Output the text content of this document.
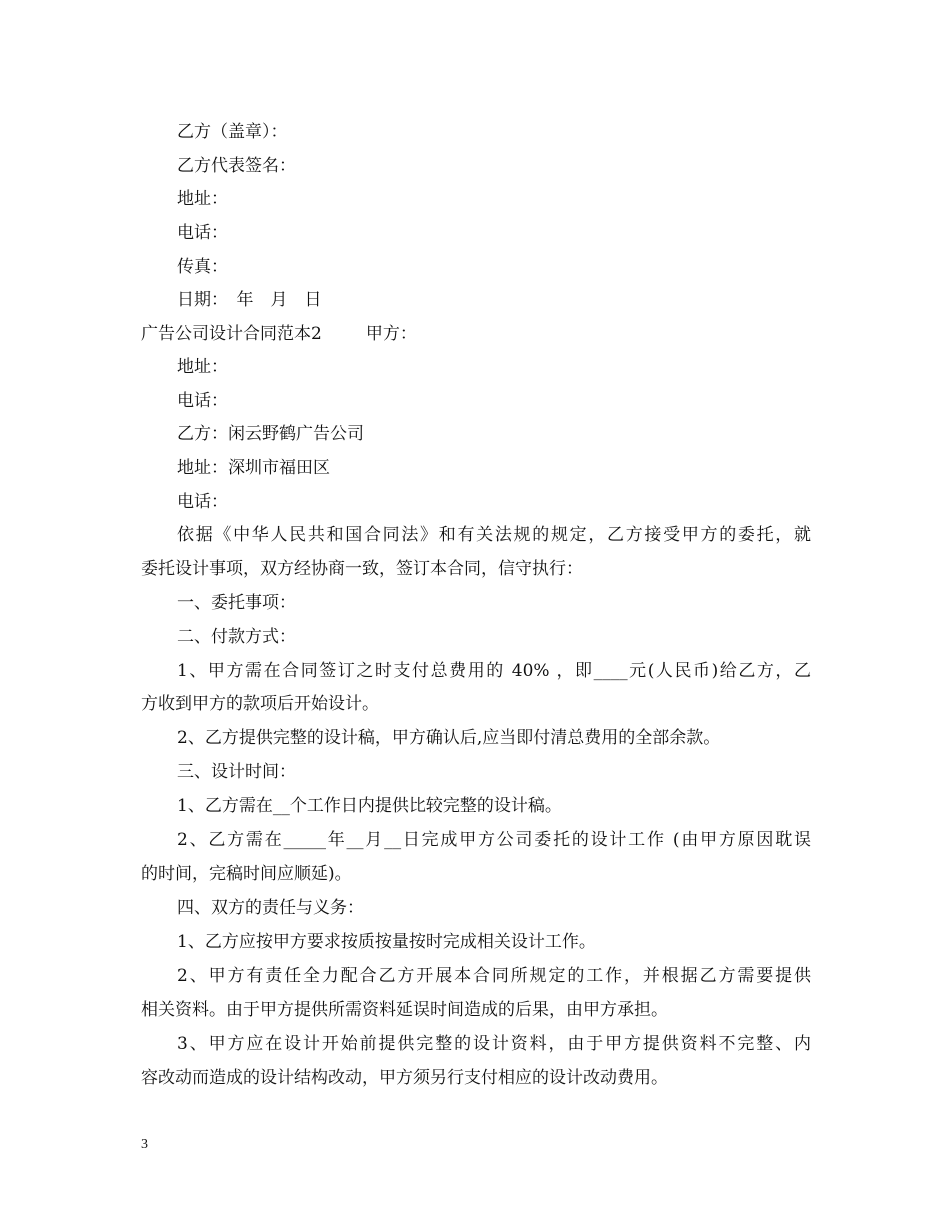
乙方（盖章）：
乙方代表签名：
地址：
电话：
传真：
日期：　年　月　日
广告公司设计合同范本2	甲方：
地址：
电话：
乙方：闲云野鹤广告公司
地址：深圳市福田区
电话：
依据《中华人民共和国合同法》和有关法规的规定，乙方接受甲方的委托，就
委托设计事项，双方经协商一致，签订本合同，信守执行：
一、委托事项：
二、付款方式：
1、甲方需在合同签订之时支付总费用的 40% ，即____元(人民币)给乙方，乙
方收到甲方的款项后开始设计。
2、乙方提供完整的设计稿，甲方确认后,应当即付清总费用的全部余款。
三、设计时间：
1、乙方需在__个工作日内提供比较完整的设计稿。
2、乙方需在_____年__月__日完成甲方公司委托的设计工作 (由甲方原因耽误
的时间，完稿时间应顺延)。
四、双方的责任与义务：
1、乙方应按甲方要求按质按量按时完成相关设计工作。
2、甲方有责任全力配合乙方开展本合同所规定的工作，并根据乙方需要提供
相关资料。由于甲方提供所需资料延误时间造成的后果，由甲方承担。
3、甲方应在设计开始前提供完整的设计资料，由于甲方提供资料不完整、内
容改动而造成的设计结构改动，甲方须另行支付相应的设计改动费用。
3
